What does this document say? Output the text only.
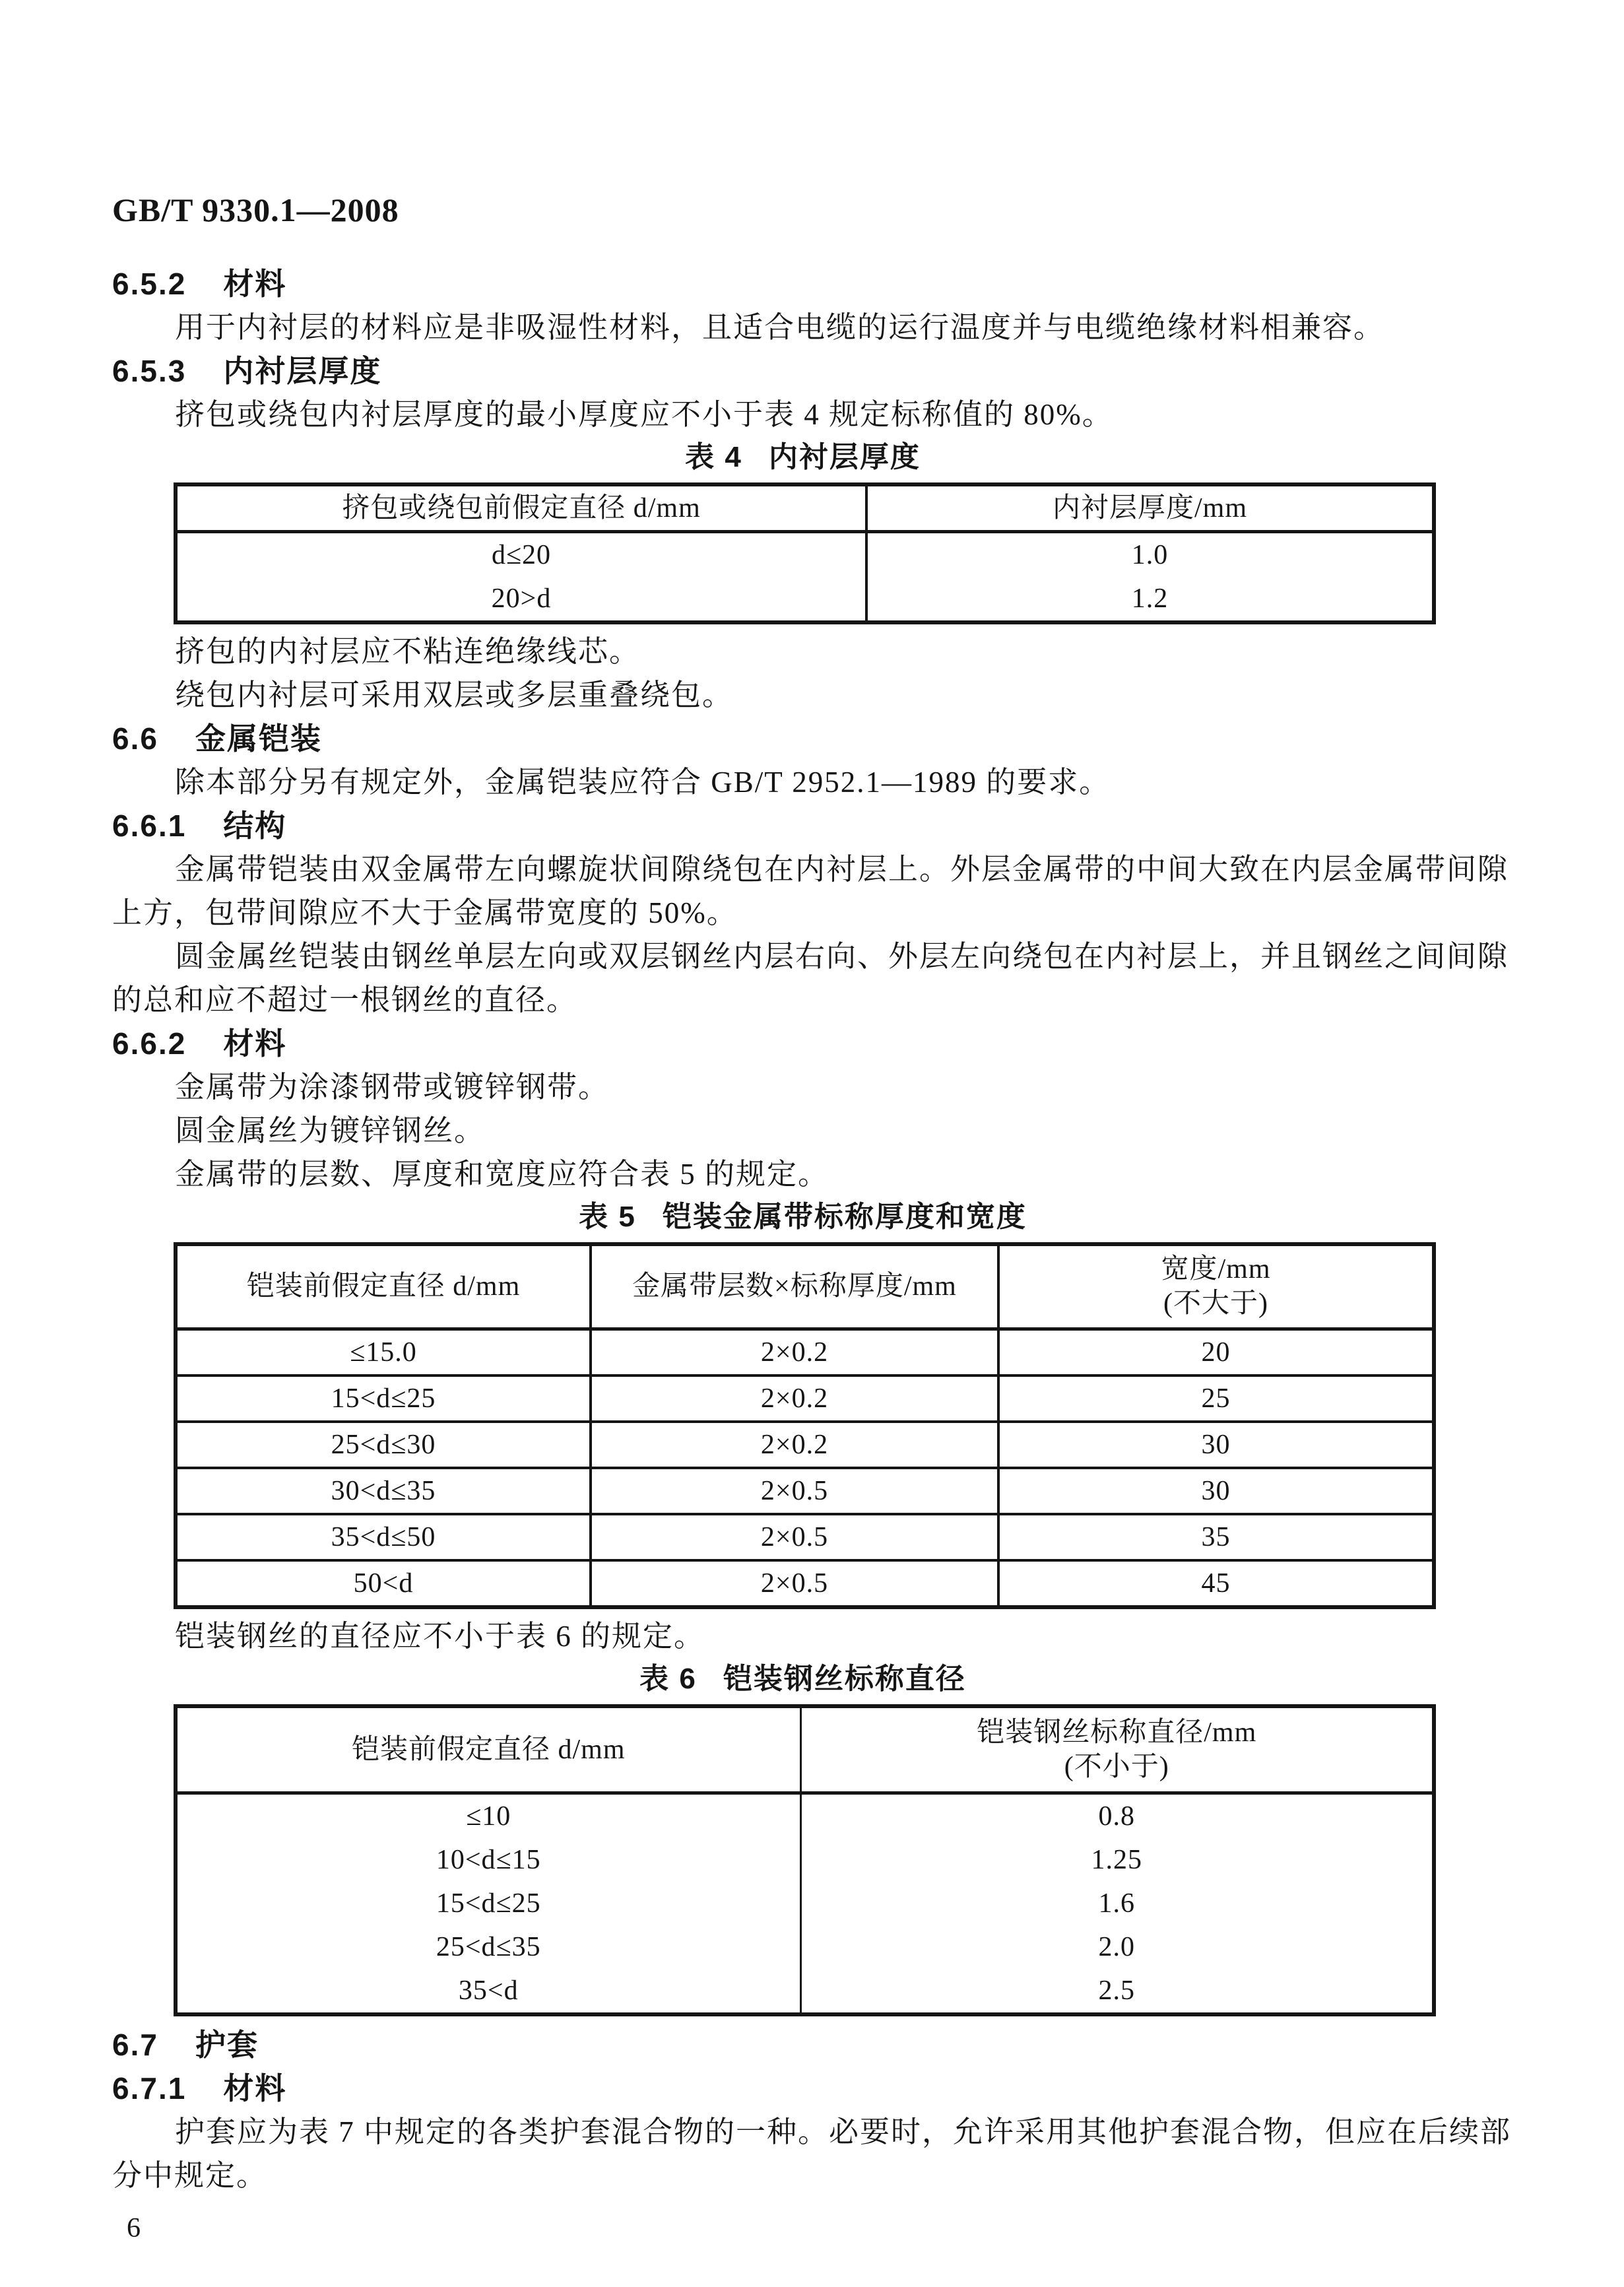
GB/T 9330.1—2008
6.5.2 材料
用于内衬层的材料应是非吸湿性材料，且适合电缆的运行温度并与电缆绝缘材料相兼容。
6.5.3 内衬层厚度
挤包或绕包内衬层厚度的最小厚度应不小于表 4 规定标称值的 80%。
表 4 内衬层厚度
挤包或绕包前假定直径 d/mm	内衬层厚度/mm
d≤20	1.0
20>d	1.2
挤包的内衬层应不粘连绝缘线芯。
绕包内衬层可采用双层或多层重叠绕包。
6.6 金属铠装
除本部分另有规定外，金属铠装应符合 GB/T 2952.1—1989 的要求。
6.6.1 结构
金属带铠装由双金属带左向螺旋状间隙绕包在内衬层上。外层金属带的中间大致在内层金属带间隙上方，包带间隙应不大于金属带宽度的 50%。
圆金属丝铠装由钢丝单层左向或双层钢丝内层右向、外层左向绕包在内衬层上，并且钢丝之间间隙的总和应不超过一根钢丝的直径。
6.6.2 材料
金属带为涂漆钢带或镀锌钢带。
圆金属丝为镀锌钢丝。
金属带的层数、厚度和宽度应符合表 5 的规定。
表 5 铠装金属带标称厚度和宽度
铠装前假定直径 d/mm	金属带层数×标称厚度/mm	宽度/mm
(不大于)

≤15.0	2×0.2	20
15<d≤25	2×0.2	25
25<d≤30	2×0.2	30
30<d≤35	2×0.5	30
35<d≤50	2×0.5	35
50<d	2×0.5	45
铠装钢丝的直径应不小于表 6 的规定。
表 6 铠装钢丝标称直径
铠装前假定直径 d/mm	铠装钢丝标称直径/mm
(不小于)

≤10	0.8
10<d≤15	1.25
15<d≤25	1.6
25<d≤35	2.0
35<d	2.5
6.7 护套
6.7.1 材料
护套应为表 7 中规定的各类护套混合物的一种。必要时，允许采用其他护套混合物，但应在后续部分中规定。
6
